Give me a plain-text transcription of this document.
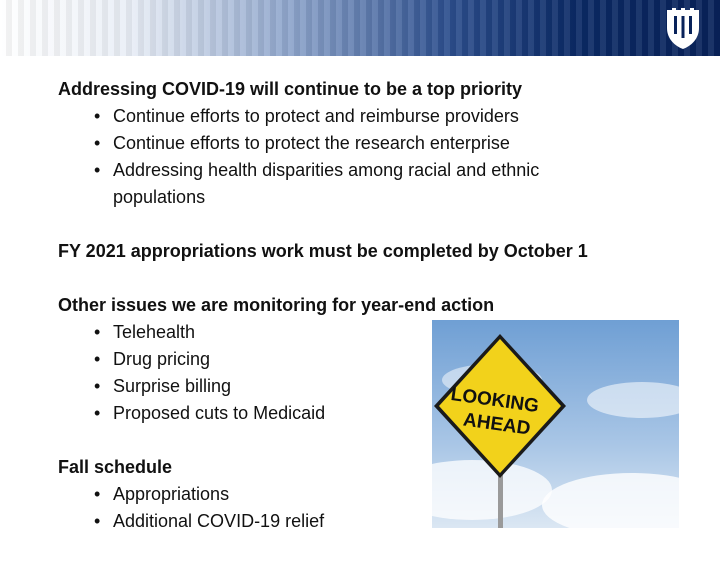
Addressing COVID-19 will continue to be a top priority
• Continue efforts to protect and reimburse providers
• Continue efforts to protect the research enterprise
• Addressing health disparities among racial and ethnic populations
FY 2021 appropriations work must be completed by October 1
Other issues we are monitoring for year-end action
• Telehealth
• Drug pricing
• Surprise billing
• Proposed cuts to Medicaid
Fall schedule
• Appropriations
• Additional COVID-19 relief
LOOKING
AHEAD
